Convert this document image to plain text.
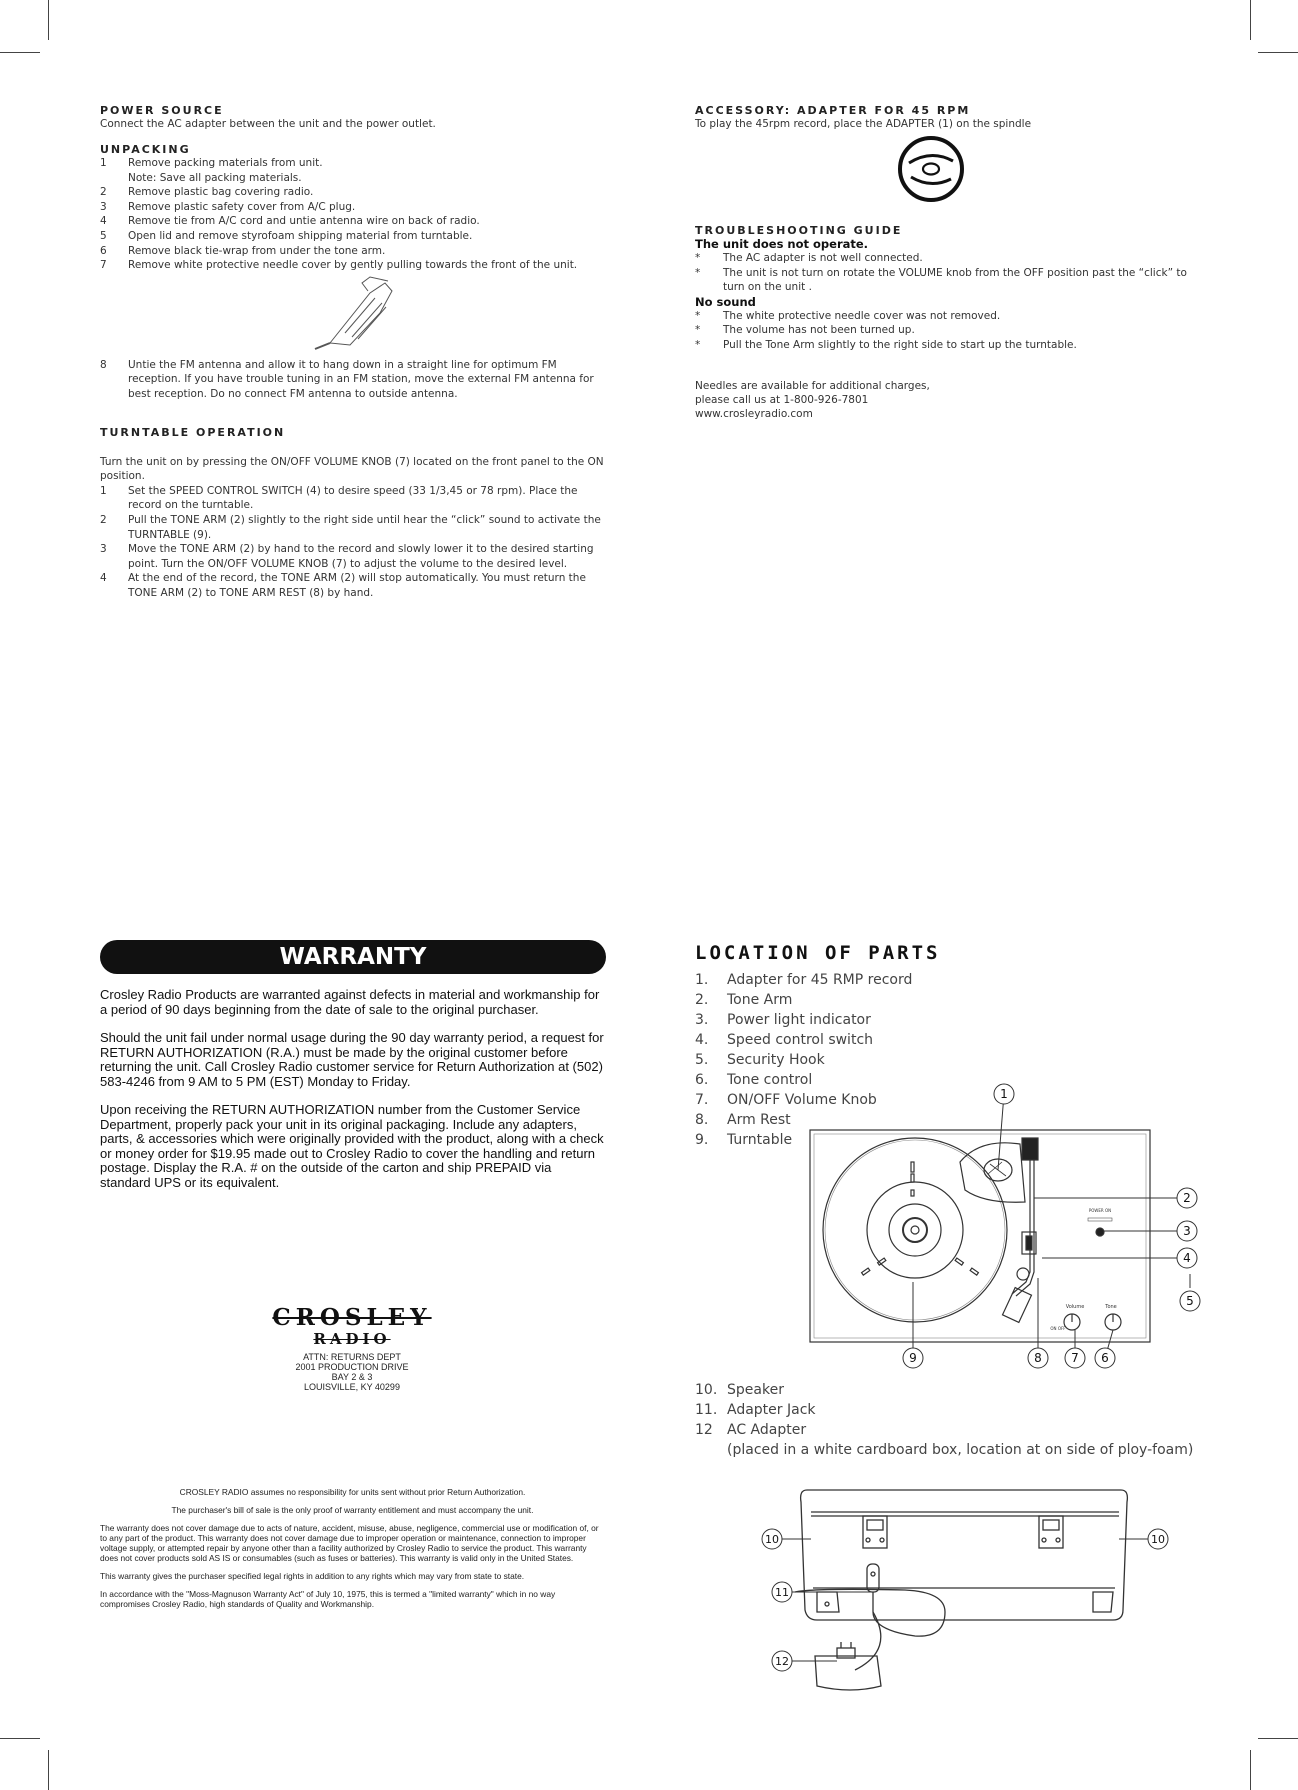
POWER SOURCE

Connect the AC adapter between the unit and the power outlet.

UNPACKING
1	Remove packing materials from unit.
Note: Save all packing materials.
2	Remove plastic bag covering radio.
3	Remove plastic safety cover from A/C plug.
4	Remove tie from A/C cord and untie antenna wire on back of radio.
5	Open lid and remove styrofoam shipping material from turntable.
6	Remove black tie-wrap from under the tone arm.
7	Remove white protective needle cover by gently pulling towards the front of the unit.
8	Untie the FM antenna and allow it to hang down in a straight line for optimum FM reception. If you have trouble tuning in an FM station, move the external FM antenna for best reception. Do no connect FM antenna to outside antenna.
TURNTABLE OPERATION

Turn the unit on by pressing the ON/OFF VOLUME KNOB (7) located on the front panel to the ON position.

1	Set the SPEED CONTROL SWITCH (4) to desire speed (33 1/3,45 or 78 rpm). Place the record on the turntable.
2	Pull the TONE ARM (2) slightly to the right side until hear the “click” sound to activate the TURNTABLE (9).
3	Move the TONE ARM (2) by hand to the record and slowly lower it to the desired starting point. Turn the ON/OFF VOLUME KNOB (7) to adjust the volume to the desired level.
4	At the end of the record, the TONE ARM (2) will stop automatically. You must return the TONE ARM (2) to TONE ARM REST (8) by hand.
ACCESSORY: ADAPTER FOR 45 RPM

To play the 45rpm record, place the ADAPTER (1) on the spindle

TROUBLESHOOTING GUIDE

The unit does not operate.

*	The AC adapter is not well connected.
*	The unit is not turn on rotate the VOLUME knob from the OFF position past the “click” to turn on the unit .

No sound

*	The white protective needle cover was not removed.
*	The volume has not been turned up.
*	Pull the Tone Arm slightly to the right side to start up the turntable.

Needles are available for additional charges,

please call us at 1-800-926-7801

www.crosleyradio.com

WARRANTY

Crosley Radio Products are warranted against defects in material and workmanship for a period of 90 days beginning from the date of sale to the original purchaser.

Should the unit fail under normal usage during the 90 day warranty period, a request for RETURN AUTHORIZATION (R.A.) must be made by the original customer before returning the unit. Call Crosley Radio customer service for Return Authorization at (502) 583-4246 from 9 AM to 5 PM (EST) Monday to Friday.

Upon receiving the RETURN AUTHORIZATION number from the Customer Service Department, properly pack your unit in its original packaging. Include any adapters, parts, & accessories which were originally provided with the product, along with a check or money order for $19.95 made out to Crosley Radio to cover the handling and return postage. Display the R.A. # on the outside of the carton and ship PREPAID via standard UPS or its equivalent.

CROSLEY
RADIO
ATTN: RETURNS DEPT
2001 PRODUCTION DRIVE
BAY 2 & 3
LOUISVILLE, KY 40299

CROSLEY RADIO assumes no responsibility for units sent without prior Return Authorization.

The purchaser's bill of sale is the only proof of warranty entitlement and must accompany the unit.

The warranty does not cover damage due to acts of nature, accident, misuse, abuse, negligence, commercial use or modification of, or to any part of the product. This warranty does not cover damage due to improper operation or maintenance, connection to improper voltage supply, or attempted repair by anyone other than a facility authorized by Crosley Radio to service the product. This warranty does not cover products sold AS IS or consumables (such as fuses or batteries). This warranty is valid only in the United States.

This warranty gives the purchaser specified legal rights in addition to any rights which may vary from state to state.

In accordance with the "Moss-Magnuson Warranty Act" of July 10, 1975, this is termed a "limited warranty" which in no way compromises Crosley Radio, high standards of Quality and Workmanship.

LOCATION OF PARTS
1.	Adapter for 45 RMP record
2.	Tone Arm
3.	Power light indicator
4.	Speed control switch
5.	Security Hook
6.	Tone control
7.	ON/OFF Volume Knob
8.	Arm Rest
9.	Turntable
POWER ON
Volume	Tone
ON OFF
1
2
3
4
5
6
7
8
9
10. Speaker
11. Adapter Jack
12	AC Adapter
(placed in a white cardboard box, location at on side of ploy-foam)
10	10
11
12
